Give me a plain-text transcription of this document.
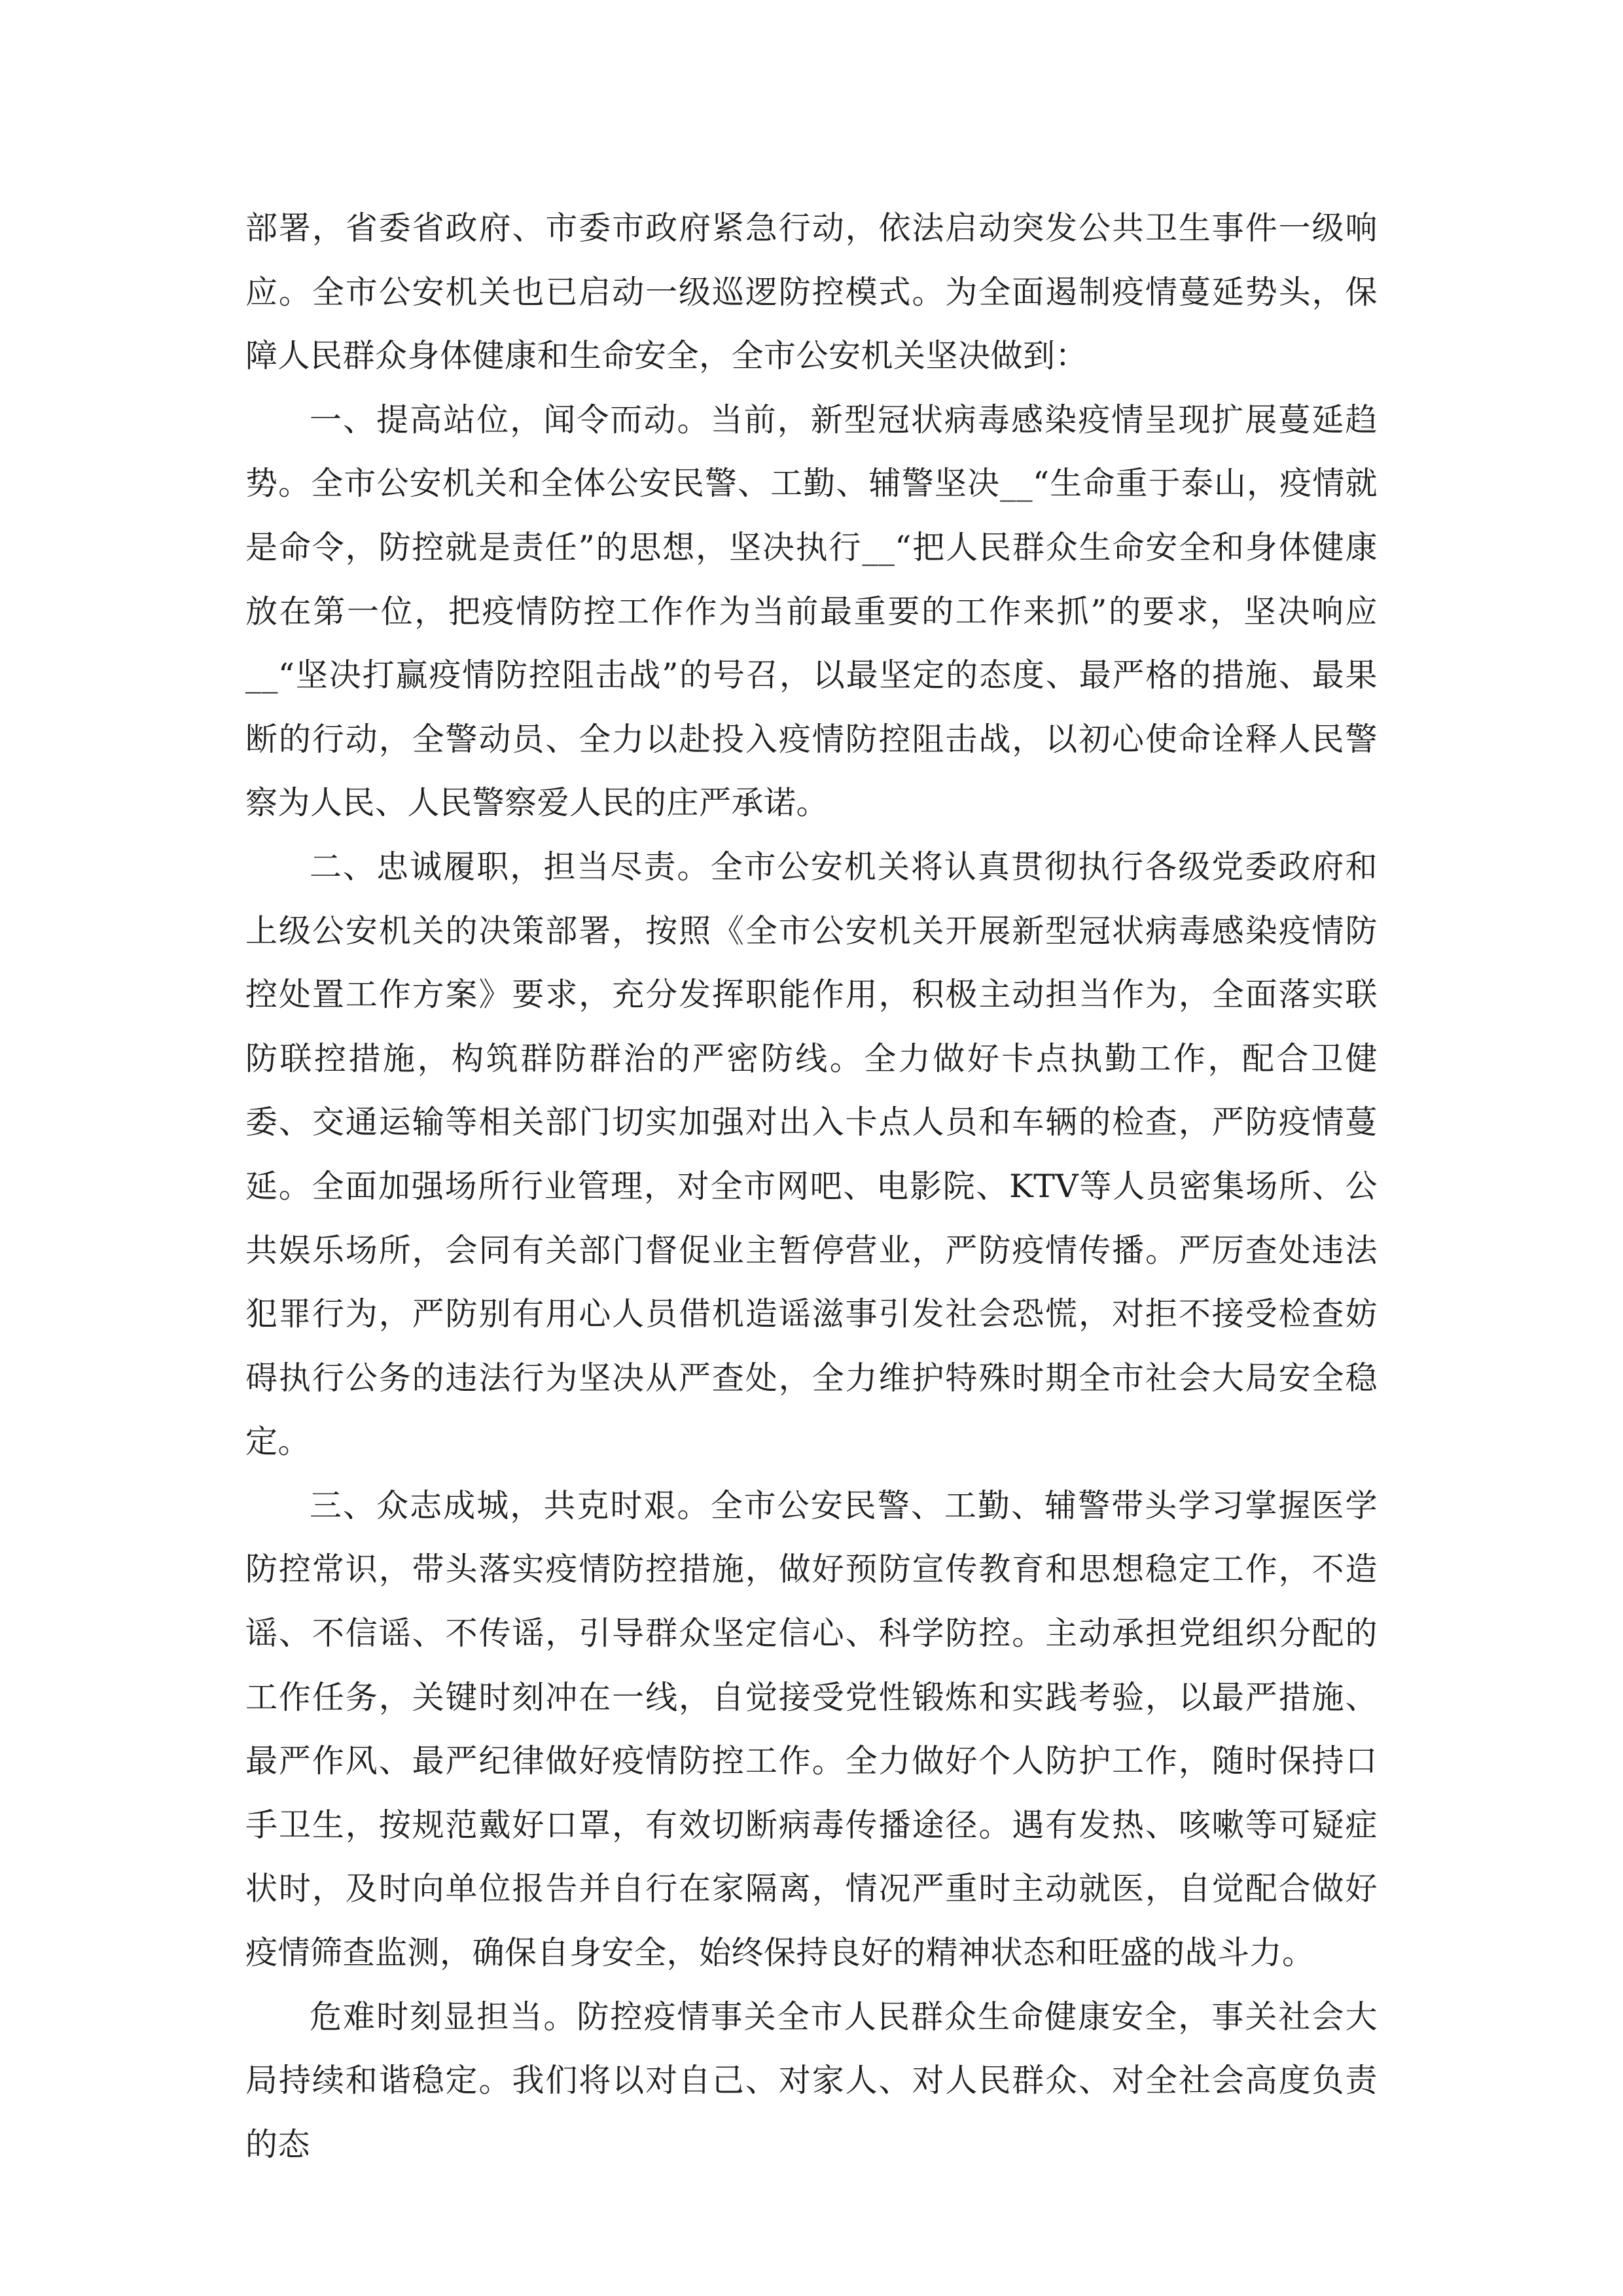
部署，省委省政府、市委市政府紧急行动，依法启动突发公共卫生事件一级响应。全市公安机关也已启动一级巡逻防控模式。为全面遏制疫情蔓延势头，保障人民群众身体健康和生命安全，全市公安机关坚决做到：

一、提高站位，闻令而动。当前，新型冠状病毒感染疫情呈现扩展蔓延趋势。全市公安机关和全体公安民警、工勤、辅警坚决__“生命重于泰山，疫情就是命令，防控就是责任”的思想，坚决执行__“把人民群众生命安全和身体健康放在第一位，把疫情防控工作作为当前最重要的工作来抓”的要求，坚决响应__“坚决打赢疫情防控阻击战”的号召，以最坚定的态度、最严格的措施、最果断的行动，全警动员、全力以赴投入疫情防控阻击战，以初心使命诠释人民警察为人民、人民警察爱人民的庄严承诺。

二、忠诚履职，担当尽责。全市公安机关将认真贯彻执行各级党委政府和上级公安机关的决策部署，按照《全市公安机关开展新型冠状病毒感染疫情防控处置工作方案》要求，充分发挥职能作用，积极主动担当作为，全面落实联防联控措施，构筑群防群治的严密防线。全力做好卡点执勤工作，配合卫健委、交通运输等相关部门切实加强对出入卡点人员和车辆的检查，严防疫情蔓延。全面加强场所行业管理，对全市网吧、电影院、KTV等人员密集场所、公共娱乐场所，会同有关部门督促业主暂停营业，严防疫情传播。严厉查处违法犯罪行为，严防别有用心人员借机造谣滋事引发社会恐慌，对拒不接受检查妨碍执行公务的违法行为坚决从严查处，全力维护特殊时期全市社会大局安全稳定。

三、众志成城，共克时艰。全市公安民警、工勤、辅警带头学习掌握医学防控常识，带头落实疫情防控措施，做好预防宣传教育和思想稳定工作，不造谣、不信谣、不传谣，引导群众坚定信心、科学防控。主动承担党组织分配的工作任务，关键时刻冲在一线，自觉接受党性锻炼和实践考验，以最严措施、最严作风、最严纪律做好疫情防控工作。全力做好个人防护工作，随时保持口手卫生，按规范戴好口罩，有效切断病毒传播途径。遇有发热、咳嗽等可疑症状时，及时向单位报告并自行在家隔离，情况严重时主动就医，自觉配合做好疫情筛查监测，确保自身安全，始终保持良好的精神状态和旺盛的战斗力。

危难时刻显担当。防控疫情事关全市人民群众生命健康安全，事关社会大局持续和谐稳定。我们将以对自己、对家人、对人民群众、对全社会高度负责的态
